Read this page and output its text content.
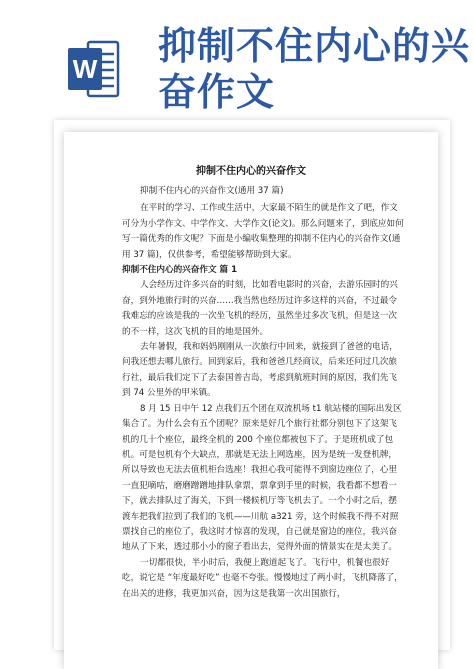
W
抑制不住内心的兴
奋作文
抑制不住内心的兴奋作文

抑制不住内心的兴奋作文(通用 37 篇)

在平时的学习、工作或生活中，大家最不陌生的就是作文了吧，作文可分为小学作文、中学作文、大学作文(论文)。那么问题来了，到底应如何写一篇优秀的作文呢？下面是小编收集整理的抑制不住内心的兴奋作文(通用 37 篇)，仅供参考，希望能够帮助到大家。

抑制不住内心的兴奋作文 篇 1

人会经历过许多兴奋的时刻，比如看电影时的兴奋，去游乐园时的兴奋，到外地旅行时的兴奋……我当然也经历过许多这样的兴奋，不过最令我难忘的应该是我的一次坐飞机的经历，虽然坐过多次飞机，但是这一次的不一样，这次飞机的目的地是国外。

去年暑假，我和妈妈刚刚从一次旅行中回来，就接到了爸爸的电话，问我还想去哪儿旅行。回到家后，我和爸爸几经商议，后来还问过几次旅行社，最后我们定下了去泰国普吉岛，考虑到航班时间的原因，我们先飞到 74 公里外的甲米镇。

8 月 15 日中午 12 点我们五个团在双流机场 t1 航站楼的国际出发区集合了。为什么会有五个团呢？原来是好几个旅行社都分别包下了这架飞机的几十个座位，最终全机的 200 个座位都被包下了。于是班机成了包机。可是包机有个大缺点，那就是无法上网选座，因为是统一发登机牌，所以导致也无法去值机柜台选座！我担心我可能得不到窗边座位了，心里一直犯嘀咕，磨磨蹭蹭地排队拿票，票拿到手里的时候，我看都不想看一下，就去排队过了海关，下到一楼候机厅等飞机去了。一个小时之后，摆渡车把我们拉到了我们的飞机——川航 a321 旁，这个时候我不得不对照票找自己的座位了，我这时才惊喜的发现，自己就是窗边的座位，我兴奋地从了下来，透过那小小的窗子看出去，觉得外面的情景实在是太美了。

一切都很快，半小时后，我便上跑道起飞了。飞行中，机餐也很好吃，说它是 “年度最好吃” 也毫不夸张。慢慢地过了两小时，飞机降落了，在出关的进修，我更加兴奋，因为这是我第一次出国旅行，
